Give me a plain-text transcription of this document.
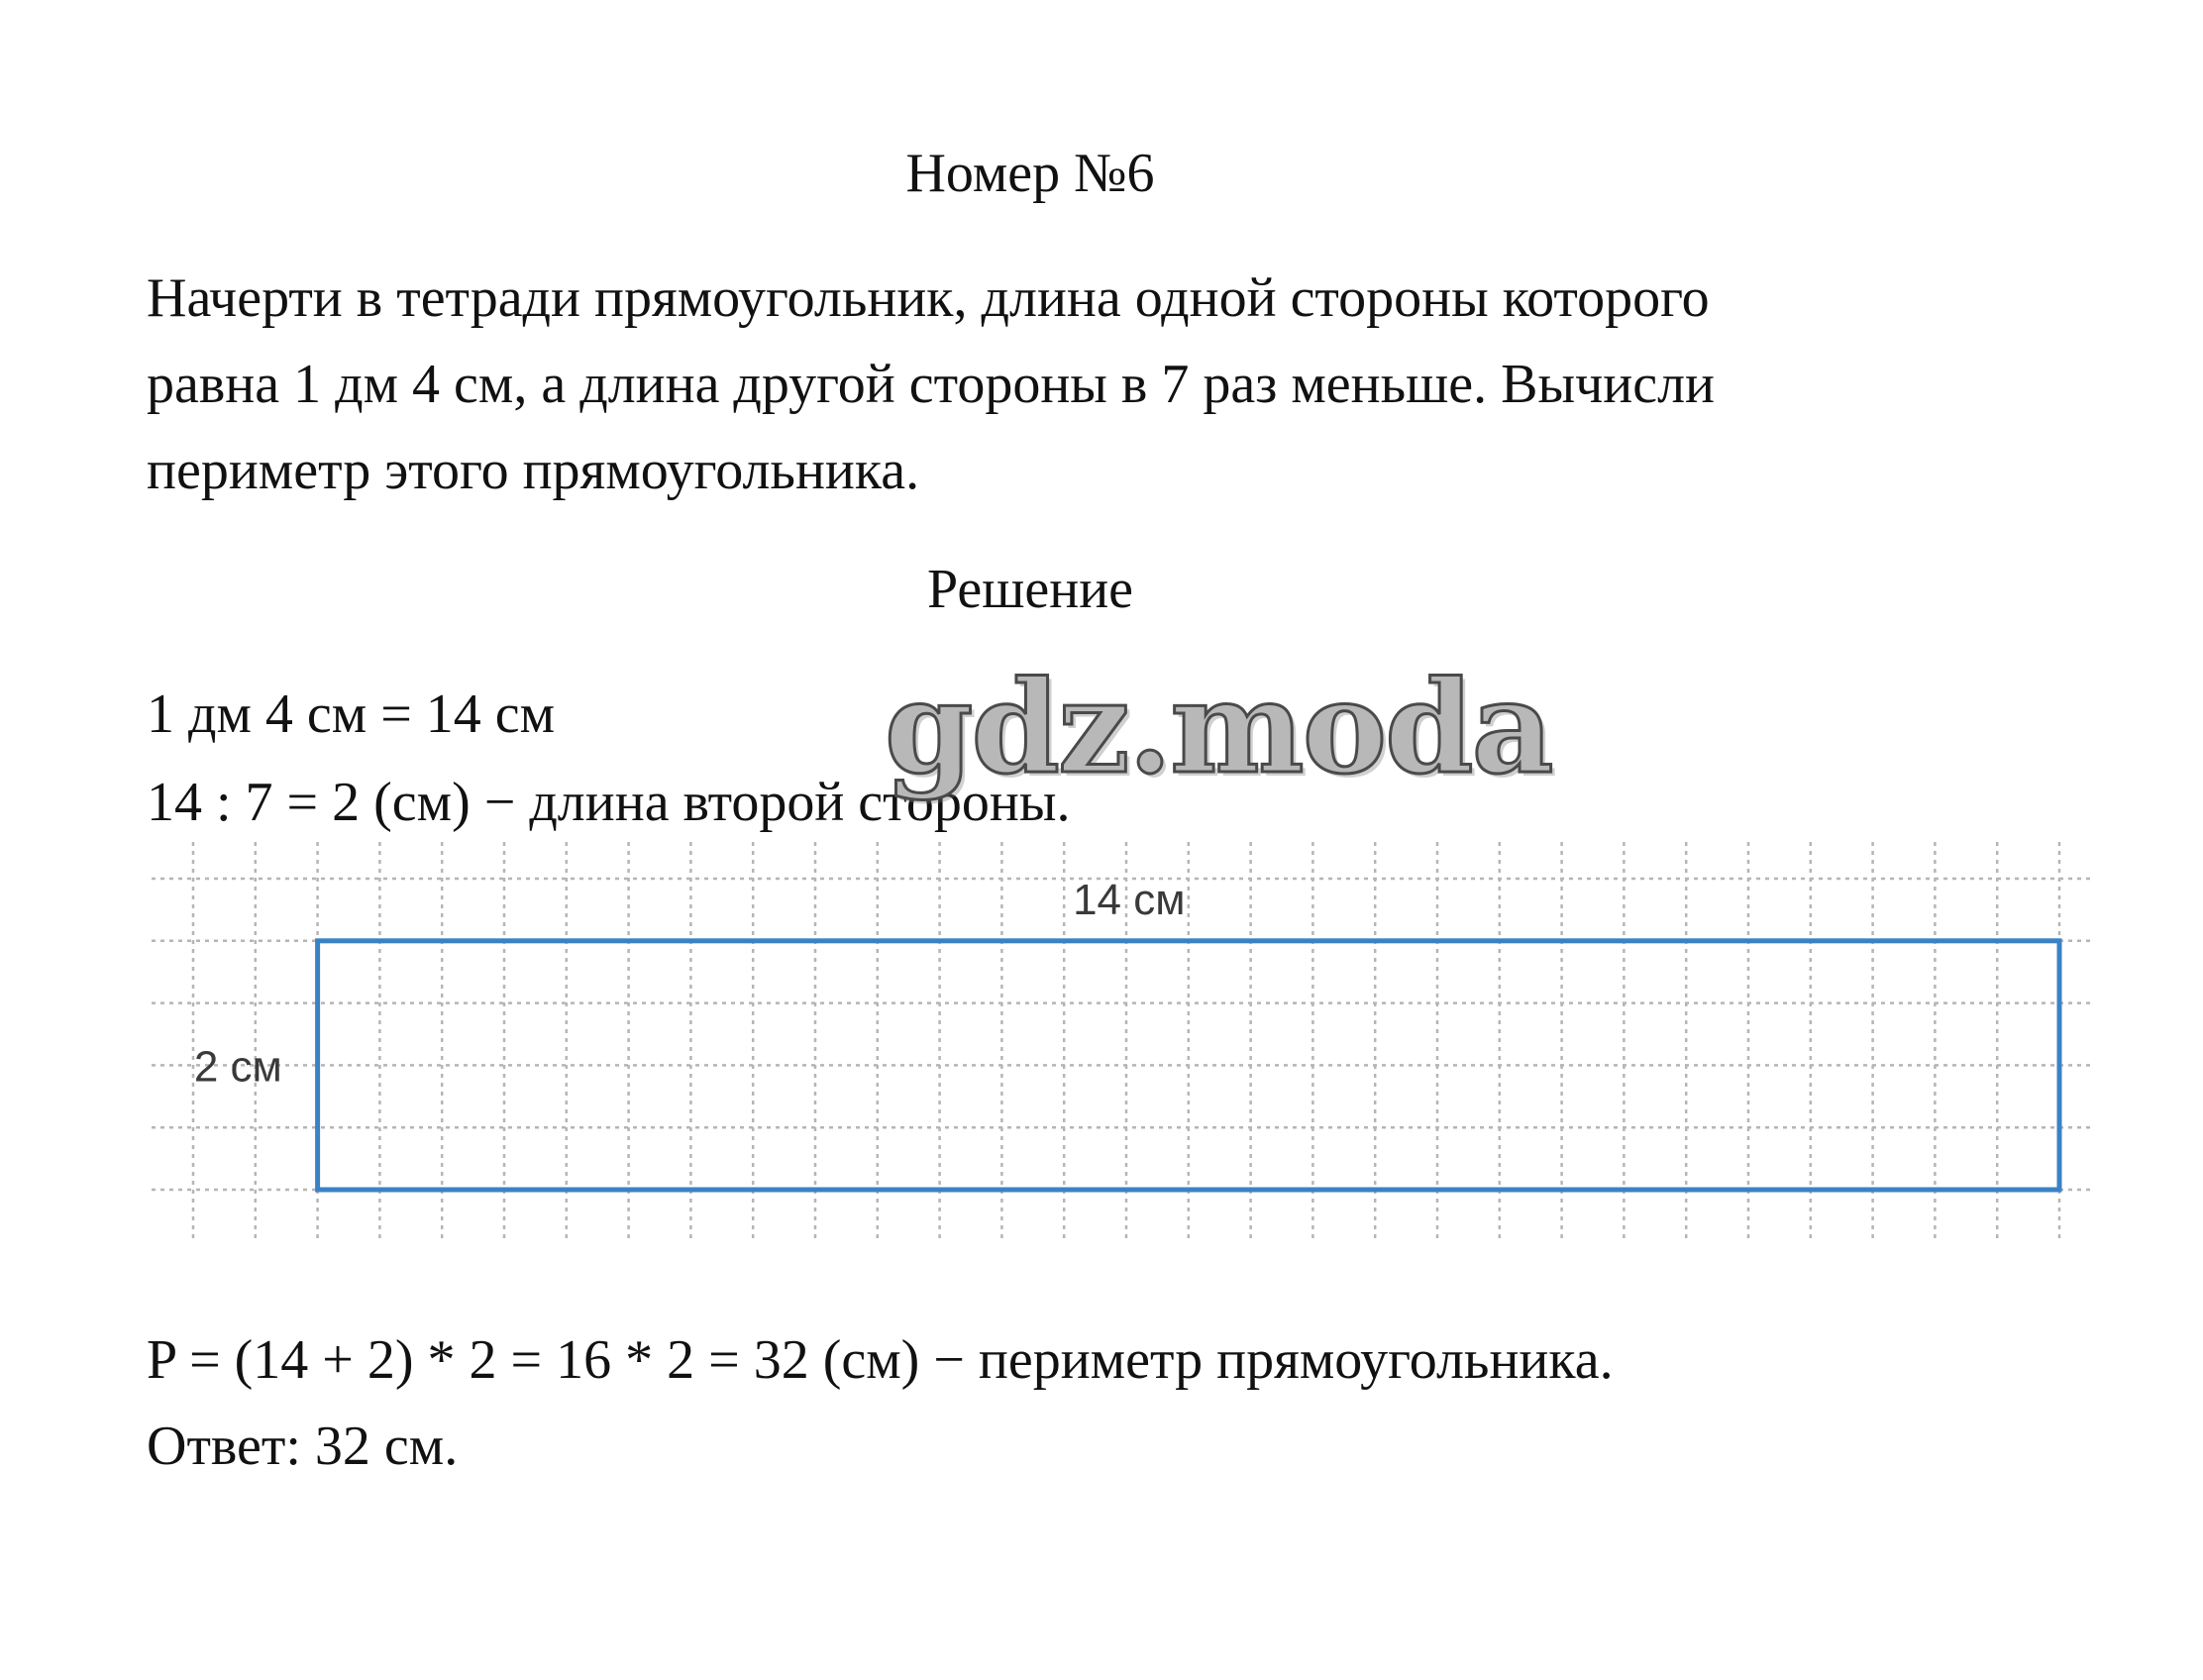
Номер №6
Начерти в тетради прямоугольник, длина одной стороны которого
равна 1 дм 4 см, а длина другой стороны в 7 раз меньше. Вычисли
периметр этого прямоугольника.
Решение
1 дм 4 см = 14 см
14 : 7 = 2 (см) − длина второй стороны.
gdz.moda
14 см
2 см
P = (14 + 2) * 2 = 16 * 2 = 32 (см) − периметр прямоугольника.
Ответ: 32 см.
